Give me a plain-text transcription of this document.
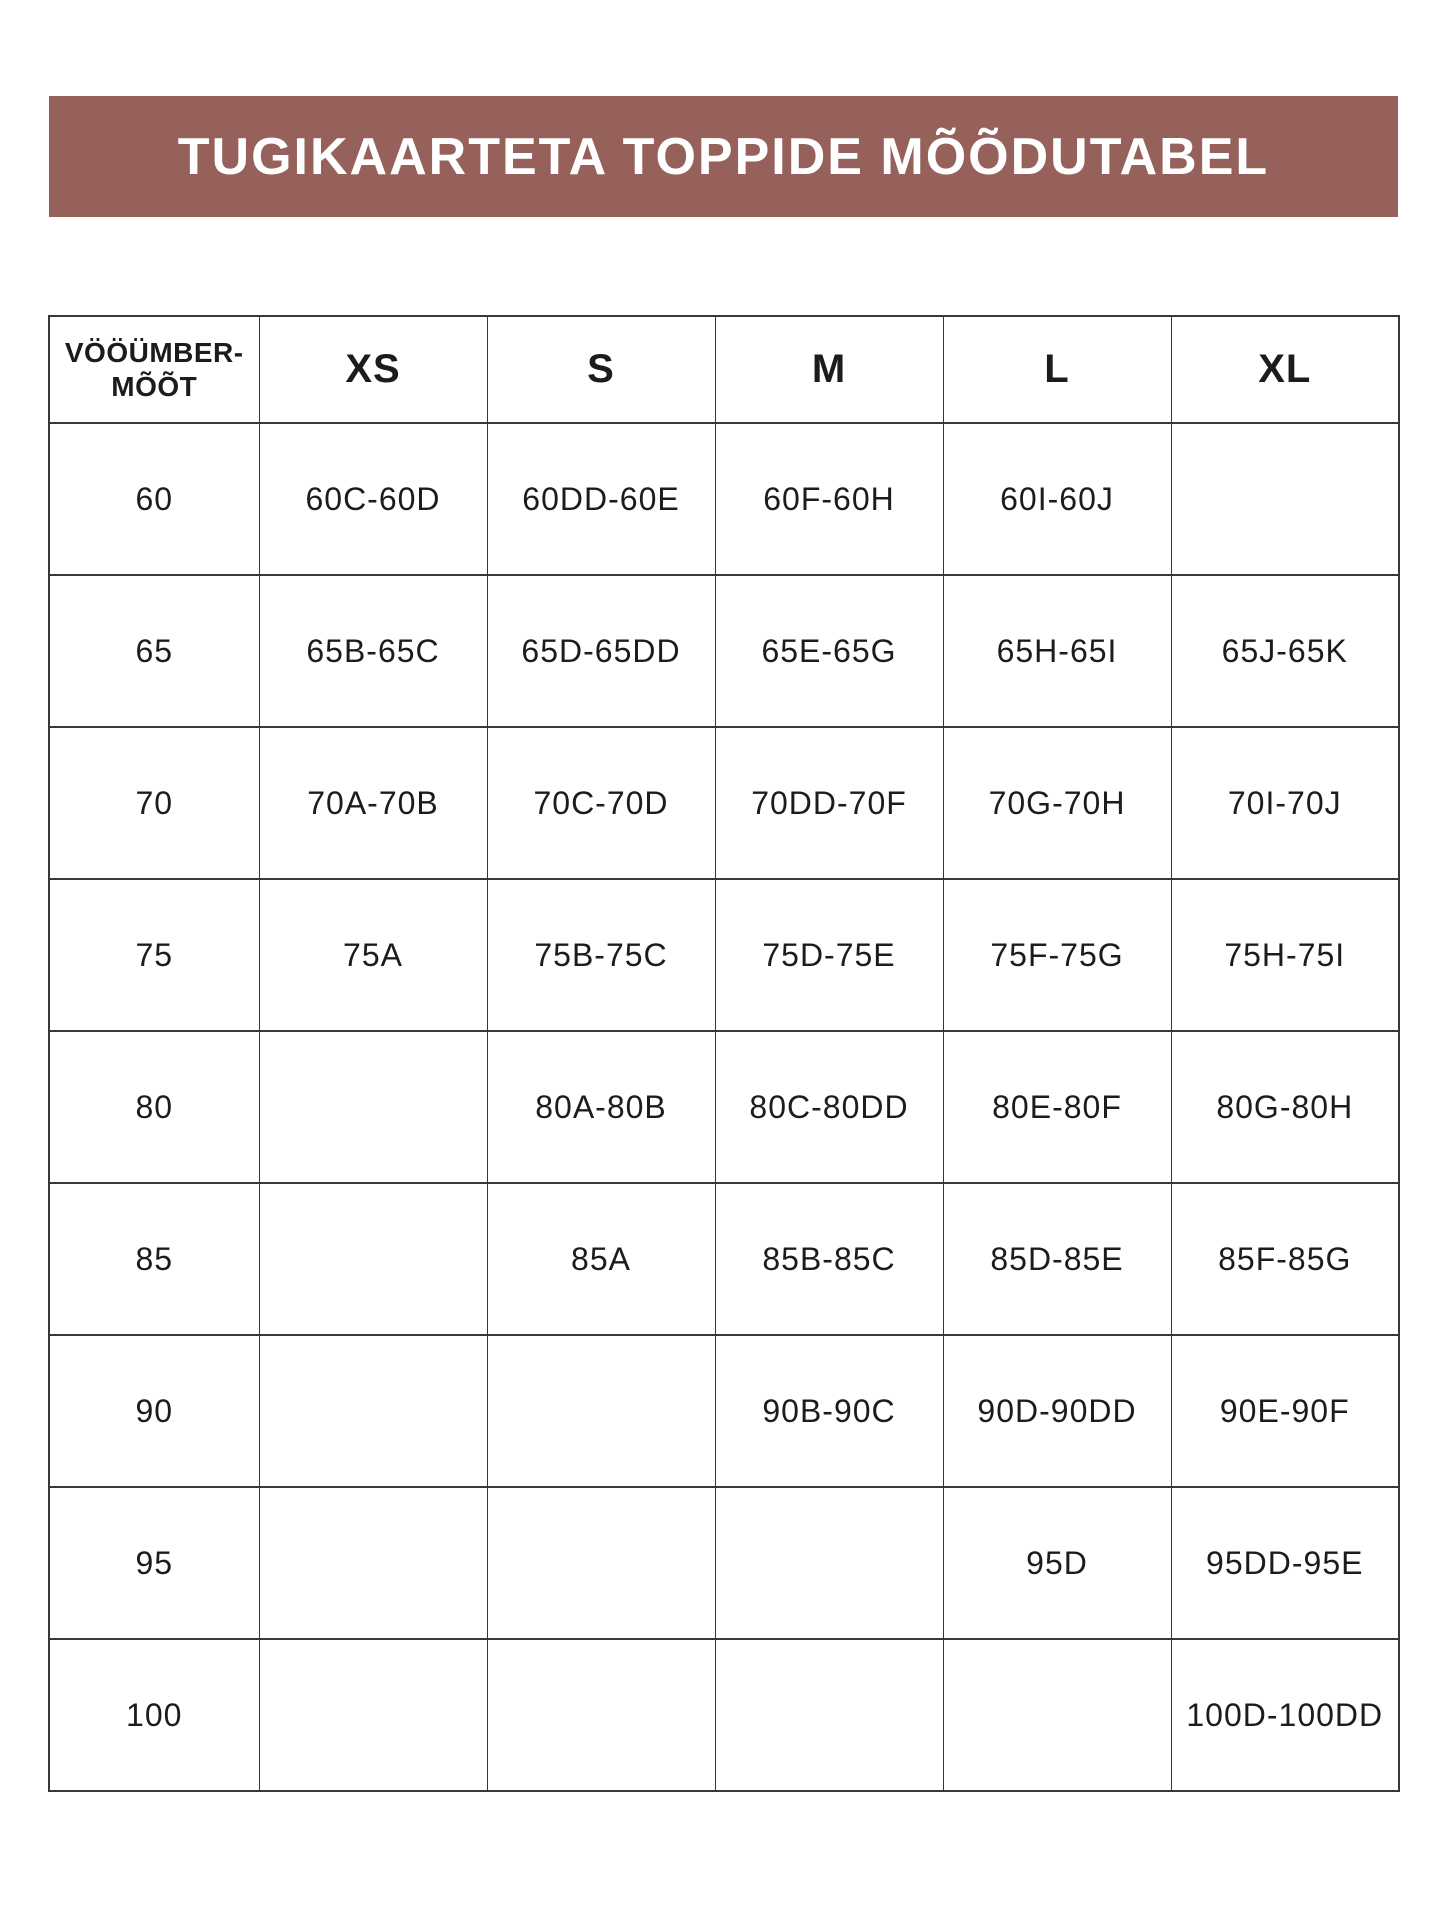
TUGIKAARTETA TOPPIDE MÕÕDUTABEL
VÖÖÜMBER-
MÕÕT	XS	S	M	L	XL
60	60C-60D	60DD-60E	60F-60H	60I-60J	
65	65B-65C	65D-65DD	65E-65G	65H-65I	65J-65K
70	70A-70B	70C-70D	70DD-70F	70G-70H	70I-70J
75	75A	75B-75C	75D-75E	75F-75G	75H-75I
80		80A-80B	80C-80DD	80E-80F	80G-80H
85		85A	85B-85C	85D-85E	85F-85G
90			90B-90C	90D-90DD	90E-90F
95				95D	95DD-95E
100					100D-100DD
